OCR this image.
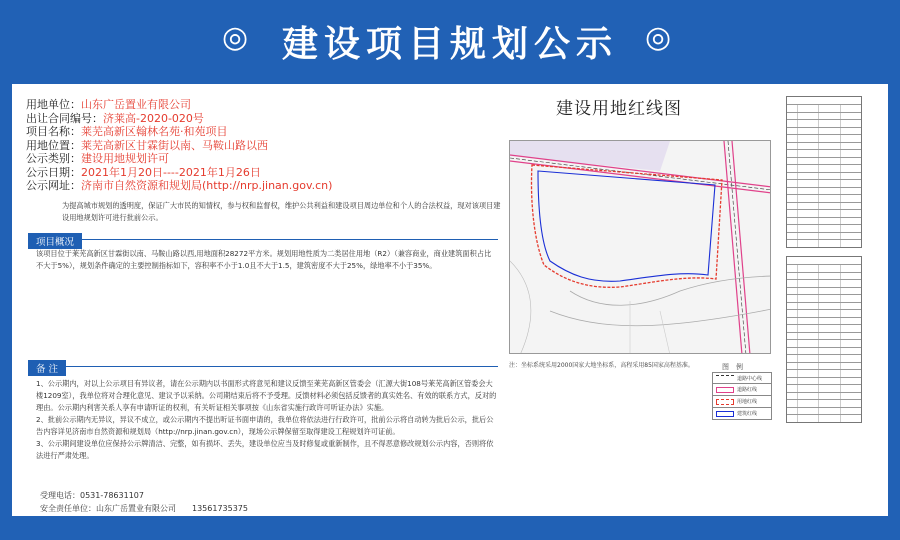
◎ 建设项目规划公示 ◎
用地单位： 山东广岳置业有限公司
出让合同编号： 济莱高-2020-020号
项目名称： 莱芜高新区翰林名苑·和苑项目
用地位置： 莱芜高新区甘霖街以南、马鞍山路以西
公示类别： 建设用地规划许可
公示日期： 2021年1月20日----2021年1月26日
公示网址： 济南市自然资源和规划局(http://nrp.jinan.gov.cn)
为提高城市规划的透明度，保证广大市民的知情权，参与权和监督权，维护公共利益和建设项目周边单位和个人的合法权益，现对该项目建设用地规划许可进行批前公示。
项目概况
该项目位于莱芜高新区甘霖街以南、马鞍山路以西,用地面积28272平方米。规划用地性质为二类居住用地（R2）（兼容商业，商业建筑面积占比不大于5%），规划条件确定的主要控制指标如下，容积率不小于1.0且不大于1.5，建筑密度不大于25%，绿地率不小于35%。
备 注
1、公示期内，对以上公示项目有异议者，请在公示期内以书面形式将意见和建议反馈至莱芜高新区管委会（汇源大街108号莱芜高新区管委会大楼1209室），我单位将对合理化意见、建议予以采纳。公司期结束后将不予受理。反馈材料必须包括反馈者的真实姓名、有效的联系方式，反对的理由。公示期内利害关系人享有申请听证的权利，有关听证相关事项按《山东省实施行政许可听证办法》实施。
2、批前公示期内无异议，异议不成立，或公示期内不提出听证书面申请的，我单位将依法进行行政许可，批前公示将自动转为批后公示，批后公告内容详见济南市自然资源和规划局（http://nrp.jinan.gov.cn），现场公示牌保留至取得建设工程规划许可证前。
3、公示期间建设单位应保持公示牌清洁、完整，如有损坏、丢失，建设单位应当及时修复或重新制作，且不得恶意修改规划公示内容，否则将依法进行严肃处理。
受理电话：0531-78631107
安全责任单位：山东广岳置业有限公司　　13561735375
建设用地红线图
注：坐标系统采用2000国家大地坐标系，高程采用85国家高程基准。	图　例
道路中心线
道路红线
用地红线
建筑红线
监制：莱芜高新区管委会
